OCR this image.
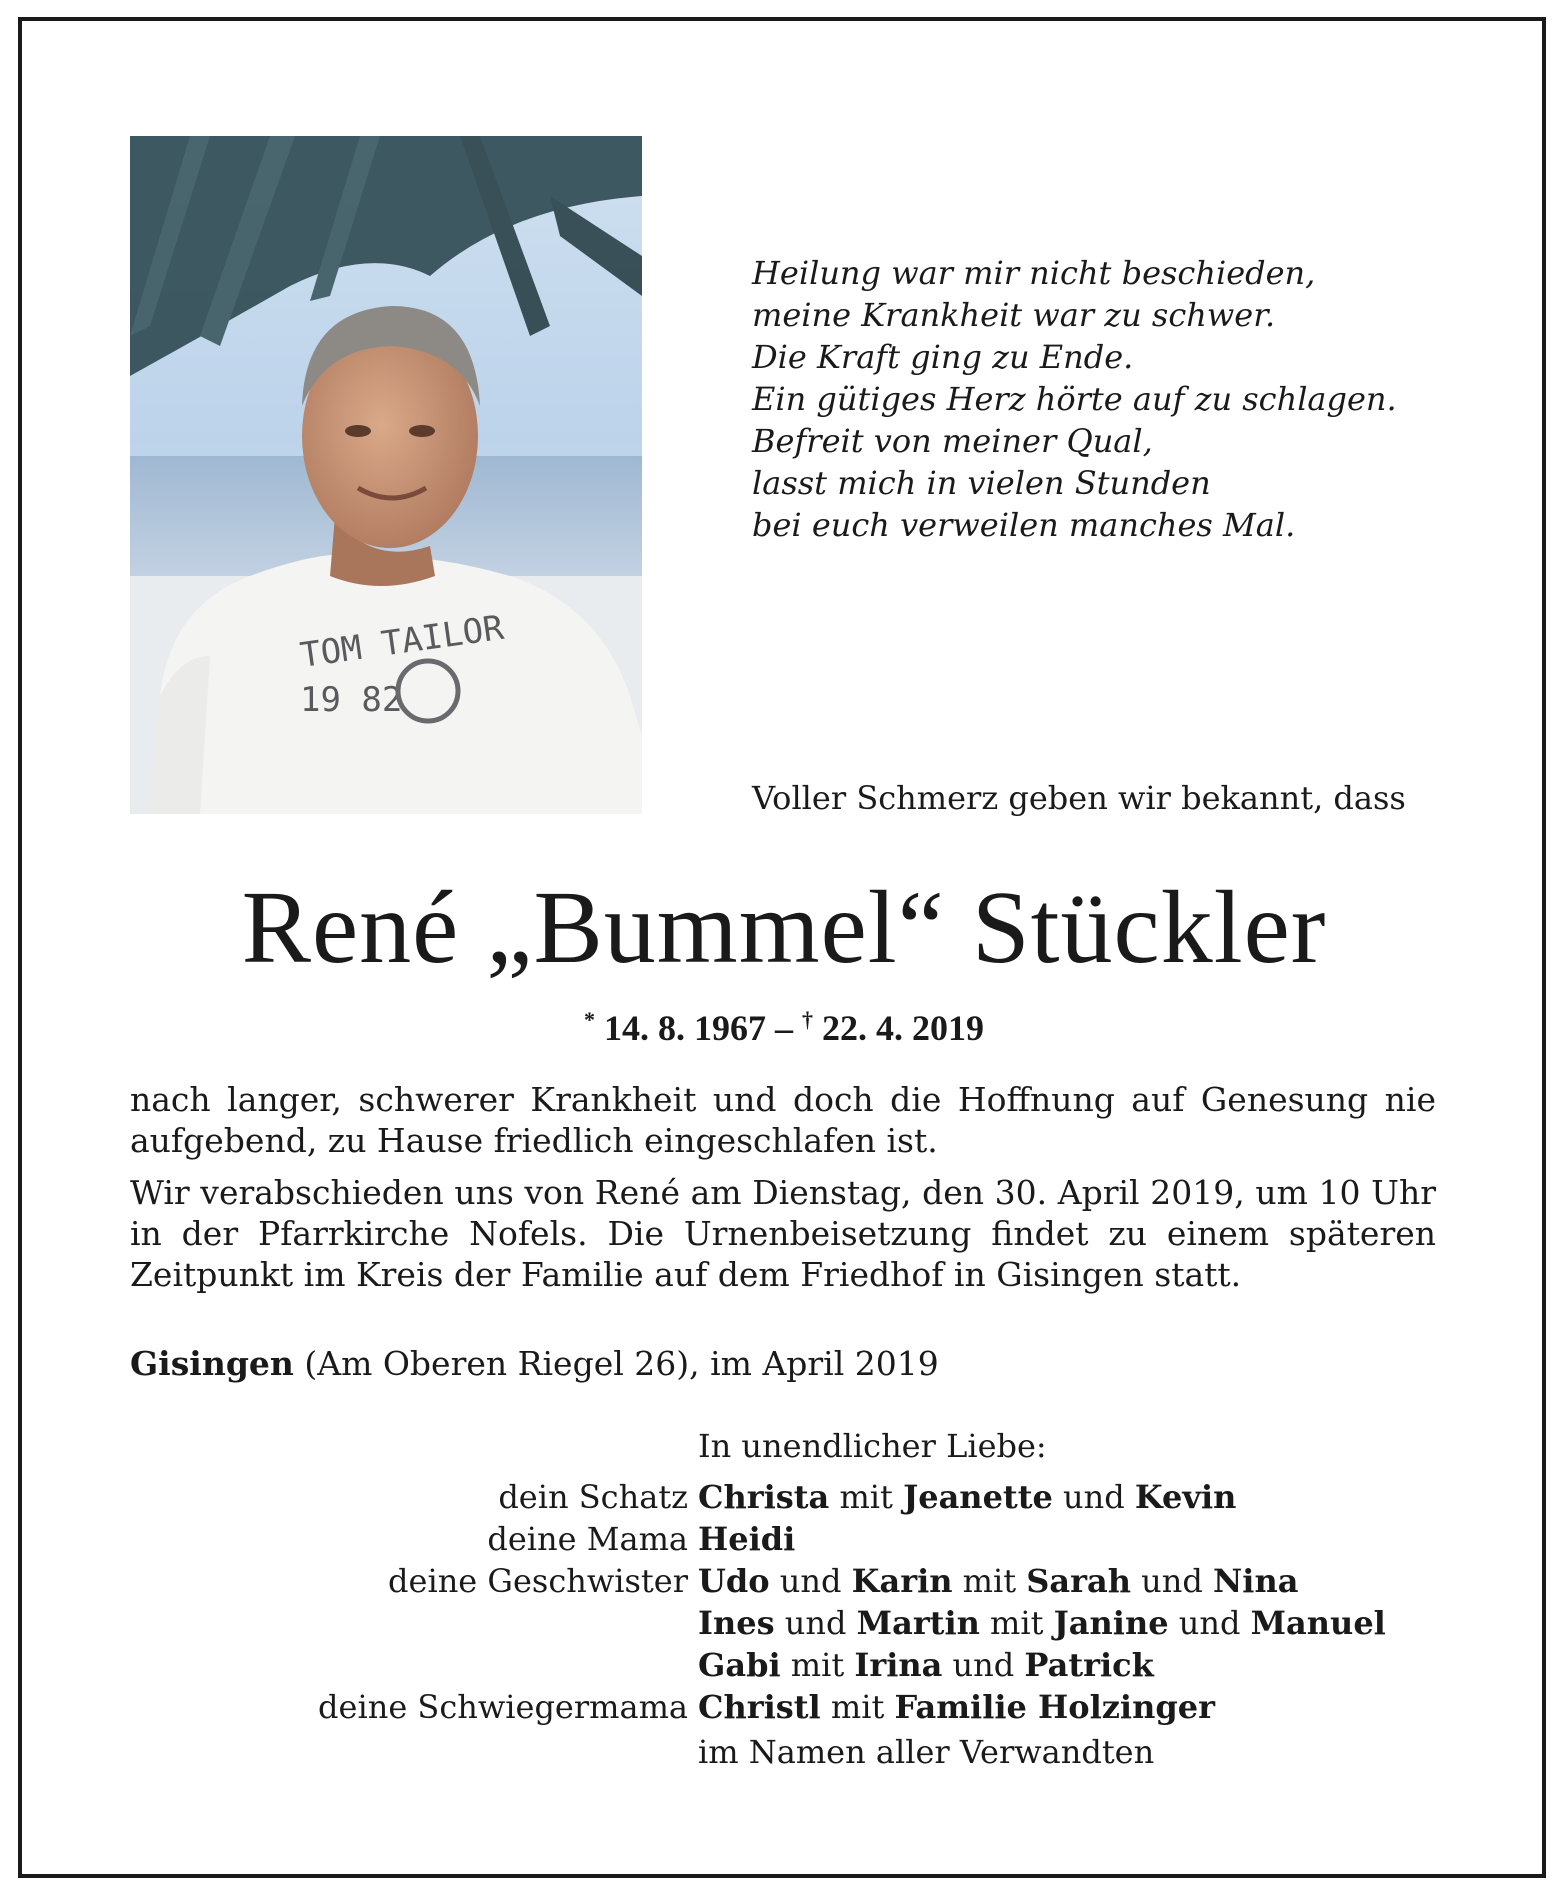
TOM TAILOR
19 82
Heilung war mir nicht beschieden,
meine Krankheit war zu schwer.
Die Kraft ging zu Ende.
Ein gütiges Herz hörte auf zu schlagen.
Befreit von meiner Qual,
lasst mich in vielen Stunden
bei euch verweilen manches Mal.
Voller Schmerz geben wir bekannt, dass
René „Bummel“ Stückler
* 14. 8. 1967 – † 22. 4. 2019
nach langer, schwerer Krankheit und doch die Hoffnung auf Genesung nie aufgebend, zu Hause friedlich eingeschlafen ist.
Wir verabschieden uns von René am Dienstag, den 30. April 2019, um 10 Uhr in der Pfarrkirche Nofels. Die Urnenbeisetzung findet zu einem späteren Zeitpunkt im Kreis der Familie auf dem Friedhof in Gisingen statt.
Gisingen (Am Oberen Riegel 26), im April 2019
In unendlicher Liebe:
dein Schatz Christa mit Jeanette und Kevin
deine Mama Heidi
deine Geschwister Udo und Karin mit Sarah und Nina
Ines und Martin mit Janine und Manuel
Gabi mit Irina und Patrick
deine Schwiegermama Christl mit Familie Holzinger
im Namen aller Verwandten
